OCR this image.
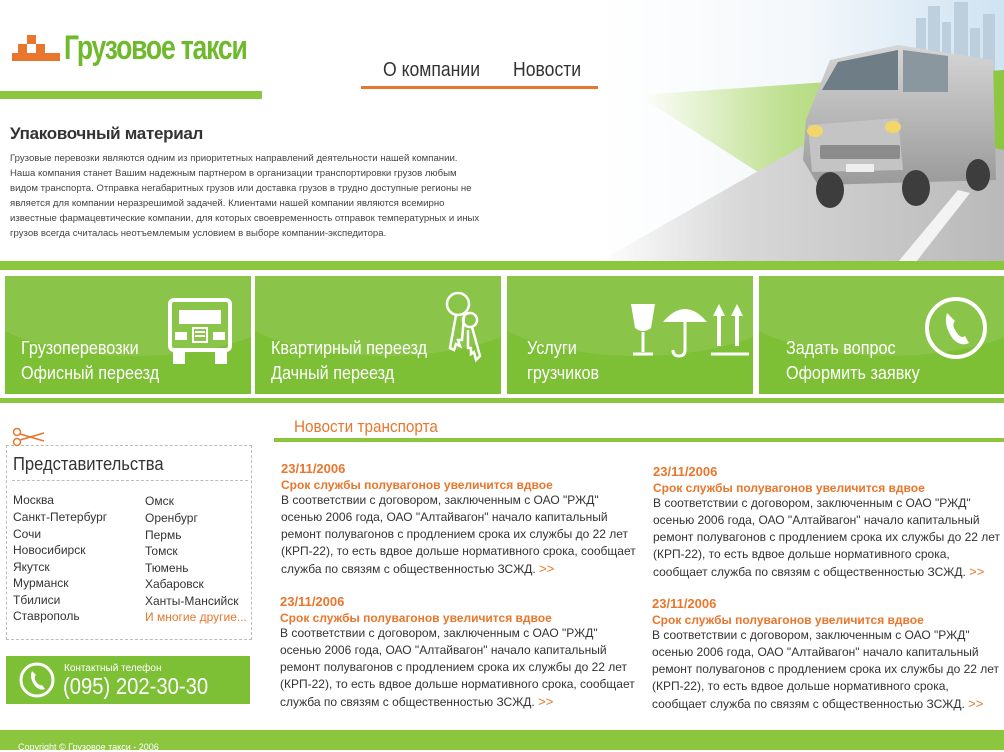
Грузовое такси
О компании Новости
Упаковочный материал
Грузовые перевозки являются одним из приоритетных направлений деятельности нашей компании. Наша компания станет Вашим надежным партнером в организации транспортировки грузов любым видом транспорта. Отправка негабаритных грузов или доставка грузов в трудно доступные регионы не является для компании неразрешимой задачей. Клиентами нашей компании являются всемирно известные фармацевтические компании, для которых своевременность отправок температурных и иных грузов всегда считалась неотъемлемым условием в выборе компании-экспедитора.
Грузоперевозки
Офисный переезд
Квартирный переезд
Дачный переезд
Услуги
грузчиков
Задать вопрос
Оформить заявку
Представительства
Москва
Санкт-Петербург
Сочи
Новосибирск
Якутск
Мурманск
Тбилиси
Ставрополь
Омск
Оренбург
Пермь
Томск
Тюмень
Хабаровск
Ханты-Мансийск
И многие другие...
Контактный телефон
(095) 202-30-30
Новости транспорта
23/11/2006
Срок службы полувагонов увеличится вдвое
В соответствии с договором, заключенным с ОАО "РЖД" осенью 2006 года, ОАО "Алтайвагон" начало капитальный ремонт полувагонов с продлением срока их службы до 22 лет (КРП-22), то есть вдвое дольше нормативного срока, сообщает служба по связям с общественностью ЗСЖД. >>
23/11/2006
Срок службы полувагонов увеличится вдвое
В соответствии с договором, заключенным с ОАО "РЖД" осенью 2006 года, ОАО "Алтайвагон" начало капитальный ремонт полувагонов с продлением срока их службы до 22 лет (КРП-22), то есть вдвое дольше нормативного срока, сообщает служба по связям с общественностью ЗСЖД. >>
23/11/2006
Срок службы полувагонов увеличится вдвое
В соответствии с договором, заключенным с ОАО "РЖД" осенью 2006 года, ОАО "Алтайвагон" начало капитальный ремонт полувагонов с продлением срока их службы до 22 лет (КРП-22), то есть вдвое дольше нормативного срока, сообщает служба по связям с общественностью ЗСЖД. >>
23/11/2006
Срок службы полувагонов увеличится вдвое
В соответствии с договором, заключенным с ОАО "РЖД" осенью 2006 года, ОАО "Алтайвагон" начало капитальный ремонт полувагонов с продлением срока их службы до 22 лет (КРП-22), то есть вдвое дольше нормативного срока, сообщает служба по связям с общественностью ЗСЖД. >>
Copyright © Грузовое такси - 2006
